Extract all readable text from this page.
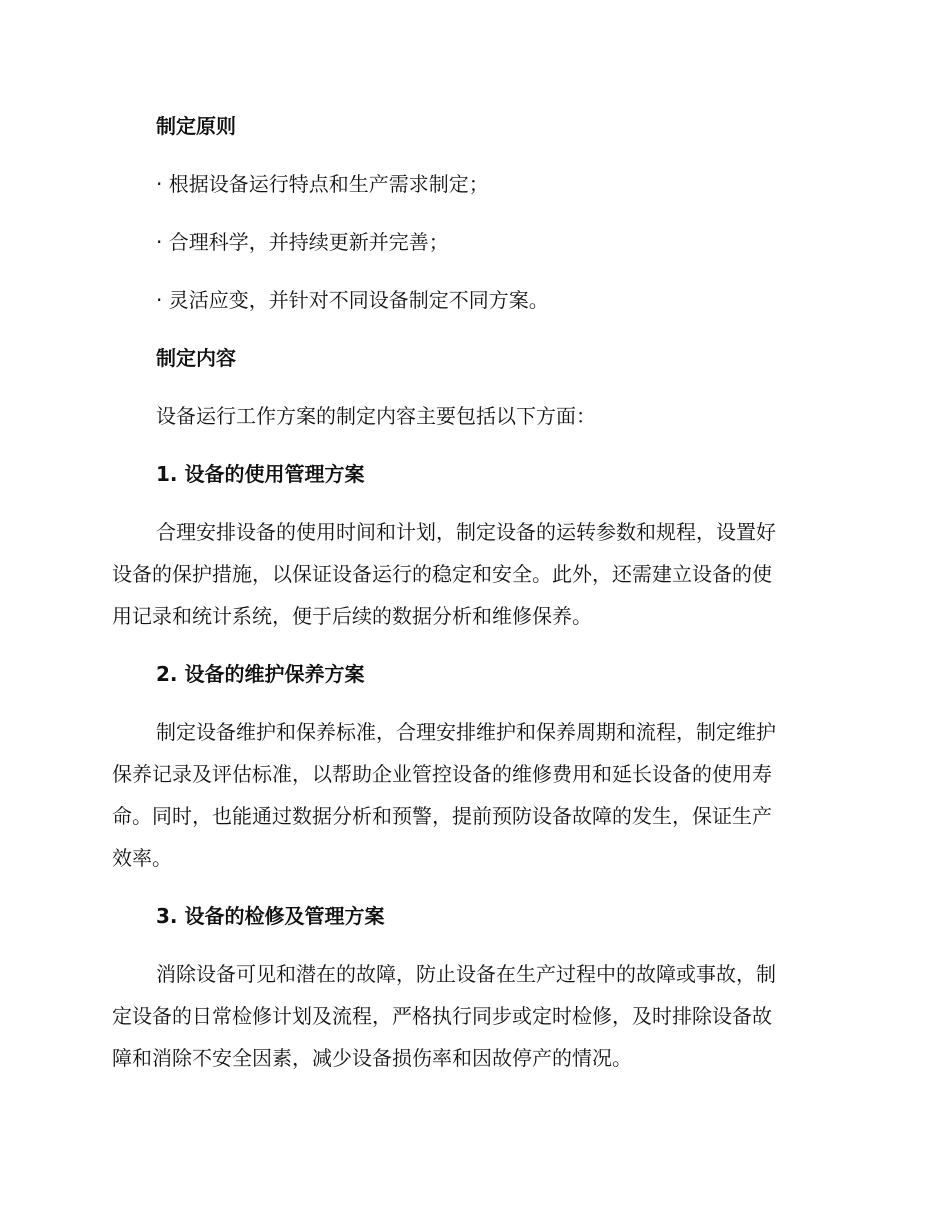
制定原则
· 根据设备运行特点和生产需求制定；
· 合理科学，并持续更新并完善；
· 灵活应变，并针对不同设备制定不同方案。
制定内容
设备运行工作方案的制定内容主要包括以下方面：
1. 设备的使用管理方案
合理安排设备的使用时间和计划，制定设备的运转参数和规程，设置好
设备的保护措施，以保证设备运行的稳定和安全。此外，还需建立设备的使
用记录和统计系统，便于后续的数据分析和维修保养。
2. 设备的维护保养方案
制定设备维护和保养标准，合理安排维护和保养周期和流程，制定维护
保养记录及评估标准，以帮助企业管控设备的维修费用和延长设备的使用寿
命。同时，也能通过数据分析和预警，提前预防设备故障的发生，保证生产
效率。
3. 设备的检修及管理方案
消除设备可见和潜在的故障，防止设备在生产过程中的故障或事故，制
定设备的日常检修计划及流程，严格执行同步或定时检修，及时排除设备故
障和消除不安全因素，减少设备损伤率和因故停产的情况。
